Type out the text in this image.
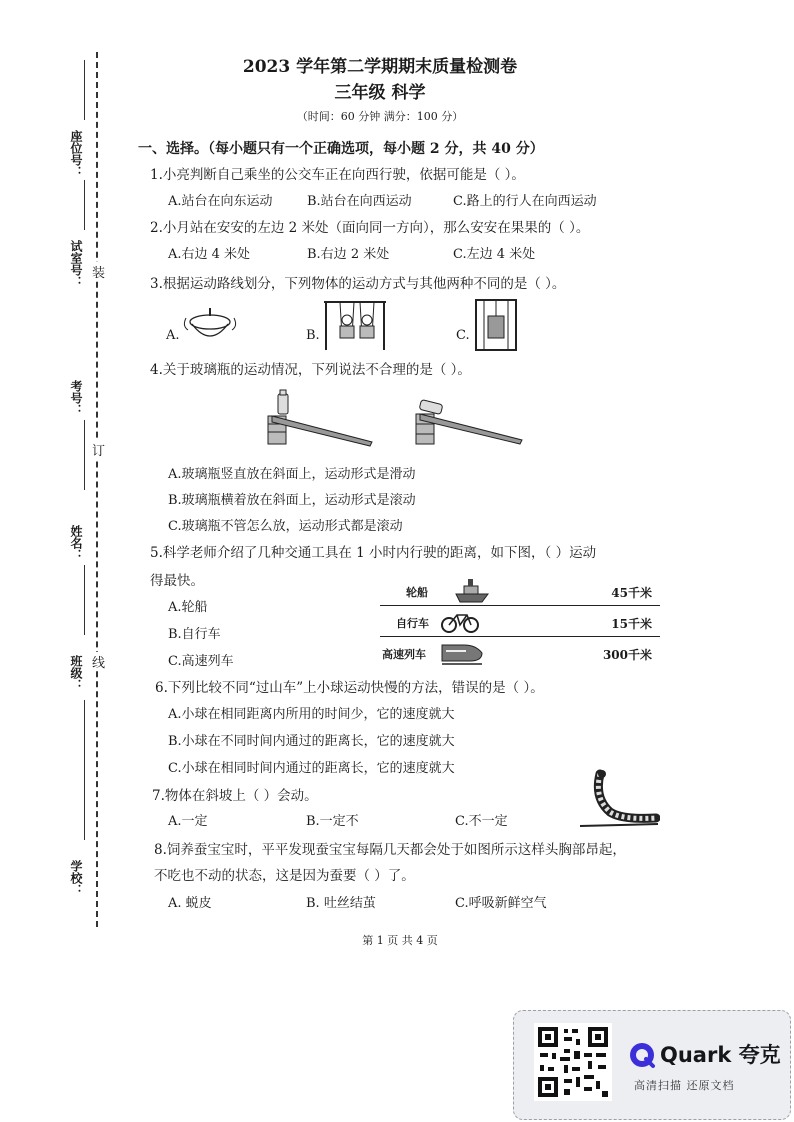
装
订
线
座位号：
试室号：
考号：
姓名：
班级：
学校：
2023 学年第二学期期末质量检测卷
三年级 科学
（时间：60 分钟 满分：100 分）
一、选择。（每小题只有一个正确选项，每小题 2 分，共 40 分）
1.小亮判断自己乘坐的公交车正在向西行驶，依据可能是（ ）。
A.站台在向东运动	B.站台在向西运动	C.路上的行人在向西运动
2.小月站在安安的左边 2 米处（面向同一方向），那么安安在果果的（ ）。
A.右边 4 米处	B.右边 2 米处	C.左边 4 米处
3.根据运动路线划分，下列物体的运动方式与其他两种不同的是（ ）。
A.	B.	C.
4.关于玻璃瓶的运动情况，下列说法不合理的是（ ）。
A.玻璃瓶竖直放在斜面上，运动形式是滑动
B.玻璃瓶横着放在斜面上，运动形式是滚动
C.玻璃瓶不管怎么放，运动形式都是滚动
5.科学老师介绍了几种交通工具在 1 小时内行驶的距离，如下图，（ ）运动
得最快。
A.轮船
B.自行车
C.高速列车
轮船	45千米
自行车	15千米
高速列车	300千米
6.下列比较不同“过山车”上小球运动快慢的方法，错误的是（ ）。
A.小球在相同距离内所用的时间少，它的速度就大
B.小球在不同时间内通过的距离长，它的速度就大
C.小球在相同时间内通过的距离长，它的速度就大
7.物体在斜坡上（ ）会动。
A.一定	B.一定不	C.不一定
8.饲养蚕宝宝时，平平发现蚕宝宝每隔几天都会处于如图所示这样头胸部昂起，
不吃也不动的状态，这是因为蚕要（ ）了。
A. 蜕皮	B. 吐丝结茧	C.呼吸新鲜空气
第 1 页 共 4 页
Quark 夸克
高清扫描 还原文档
